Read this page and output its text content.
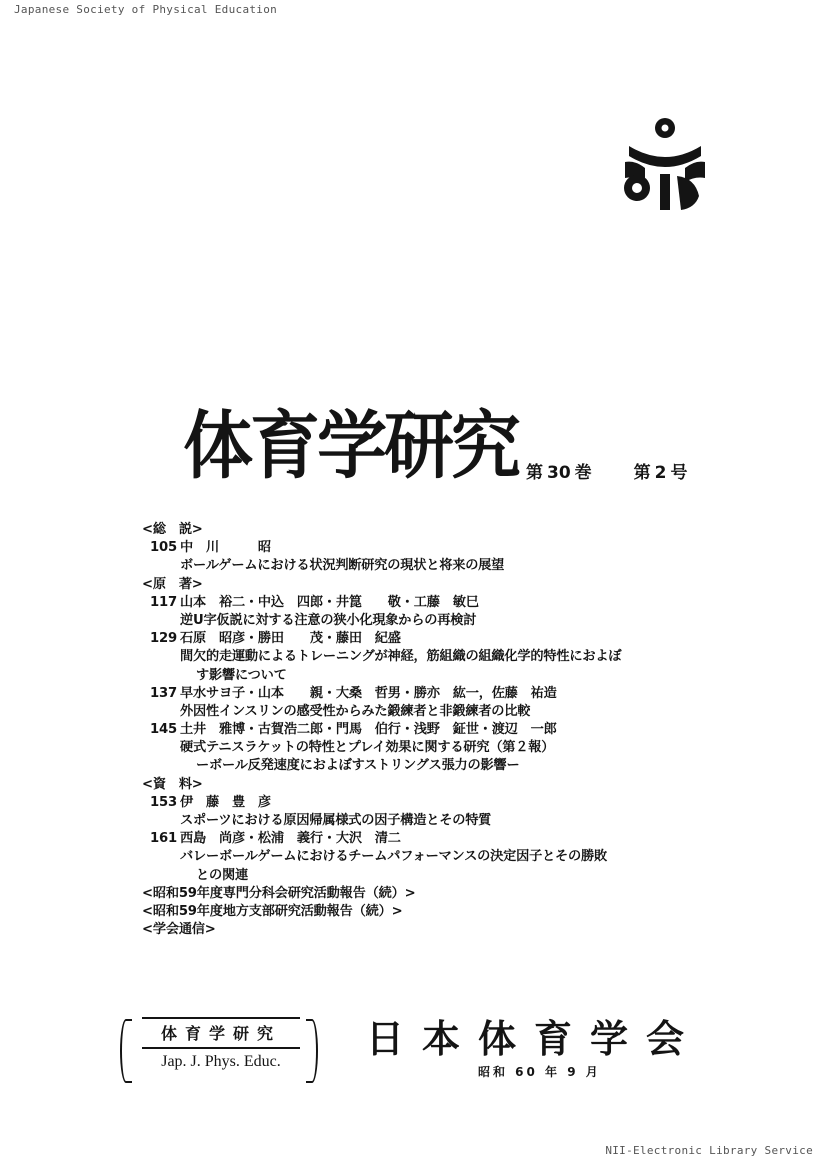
Japanese Society of Physical Education
体育学研究 第 30 巻 第 2 号
<総　説>
105 中　川　　　昭
ボールゲームにおける状況判断研究の現状と将来の展望
<原　著>
117 山本　裕二・中込　四郎・井箟　　敬・工藤　敏巳
逆U字仮説に対する注意の狭小化現象からの再検討
129 石原　昭彦・勝田　　茂・藤田　紀盛
間欠的走運動によるトレーニングが神経，筋組織の組織化学的特性におよぼ
す影響について
137 早水サヨ子・山本　　親・大桑　哲男・勝亦　紘一，佐藤　祐造
外因性インスリンの感受性からみた鍛練者と非鍛練者の比較
145 土井　雅博・古賀浩二郎・門馬　伯行・浅野　鉦世・渡辺　一郎
硬式テニスラケットの特性とプレイ効果に関する研究（第２報）
ーボール反発速度におよぼすストリングス張力の影響ー
<資　料>
153 伊　藤　豊　彦
スポーツにおける原因帰属様式の因子構造とその特質
161 西島　尚彦・松浦　義行・大沢　清二
バレーボールゲームにおけるチームパフォーマンスの決定因子とその勝敗
との関連
<昭和59年度専門分科会研究活動報告（続）>
<昭和59年度地方支部研究活動報告（続）>
<学会通信>
体育学研究
Jap. J. Phys. Educ.
日本体育学会
昭和 60 年 9 月
NII-Electronic Library Service
